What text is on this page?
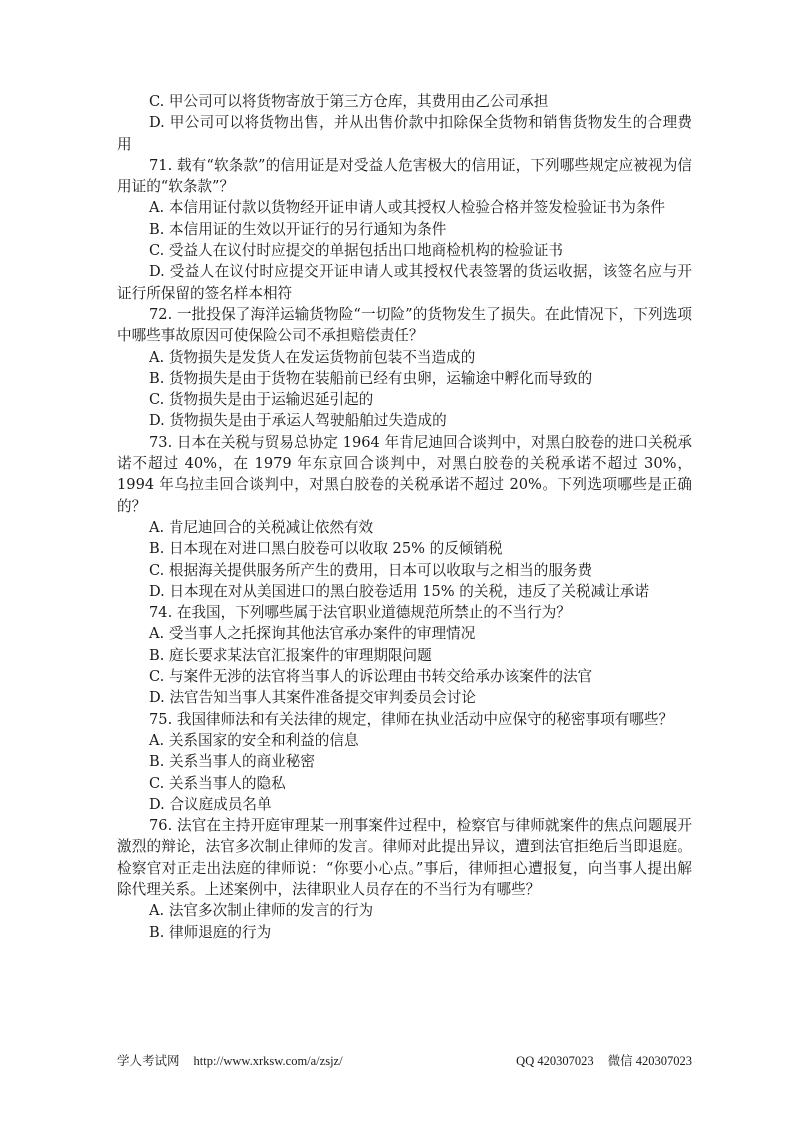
C. 甲公司可以将货物寄放于第三方仓库，其费用由乙公司承担

D. 甲公司可以将货物出售，并从出售价款中扣除保全货物和销售货物发生的合理费用

71. 载有“软条款”的信用证是对受益人危害极大的信用证，下列哪些规定应被视为信用证的“软条款”？

A. 本信用证付款以货物经开证申请人或其授权人检验合格并签发检验证书为条件

B. 本信用证的生效以开证行的另行通知为条件

C. 受益人在议付时应提交的单据包括出口地商检机构的检验证书

D. 受益人在议付时应提交开证申请人或其授权代表签署的货运收据，该签名应与开证行所保留的签名样本相符

72. 一批投保了海洋运输货物险“一切险”的货物发生了损失。在此情况下，下列选项中哪些事故原因可使保险公司不承担赔偿责任？

A. 货物损失是发货人在发运货物前包装不当造成的

B. 货物损失是由于货物在装船前已经有虫卵，运输途中孵化而导致的

C. 货物损失是由于运输迟延引起的

D. 货物损失是由于承运人驾驶船舶过失造成的

73. 日本在关税与贸易总协定 1964 年肯尼迪回合谈判中，对黑白胶卷的进口关税承诺不超过 40%，在 1979 年东京回合谈判中，对黑白胶卷的关税承诺不超过 30%，1994 年乌拉圭回合谈判中，对黑白胶卷的关税承诺不超过 20%。下列选项哪些是正确的？

A. 肯尼迪回合的关税减让依然有效

B. 日本现在对进口黑白胶卷可以收取 25% 的反倾销税

C. 根据海关提供服务所产生的费用，日本可以收取与之相当的服务费

D. 日本现在对从美国进口的黑白胶卷适用 15% 的关税，违反了关税减让承诺

74. 在我国，下列哪些属于法官职业道德规范所禁止的不当行为？

A. 受当事人之托探询其他法官承办案件的审理情况

B. 庭长要求某法官汇报案件的审理期限问题

C. 与案件无涉的法官将当事人的诉讼理由书转交给承办该案件的法官

D. 法官告知当事人其案件准备提交审判委员会讨论

75. 我国律师法和有关法律的规定，律师在执业活动中应保守的秘密事项有哪些？

A. 关系国家的安全和利益的信息

B. 关系当事人的商业秘密

C. 关系当事人的隐私

D. 合议庭成员名单

76. 法官在主持开庭审理某一刑事案件过程中，检察官与律师就案件的焦点问题展开激烈的辩论，法官多次制止律师的发言。律师对此提出异议，遭到法官拒绝后当即退庭。检察官对正走出法庭的律师说：“你要小心点。”事后，律师担心遭报复，向当事人提出解除代理关系。上述案例中，法律职业人员存在的不当行为有哪些？

A. 法官多次制止律师的发言的行为

B. 律师退庭的行为

学人考试网 http://www.xrksw.com/a/zsjz/	QQ 420307023 微信 420307023
